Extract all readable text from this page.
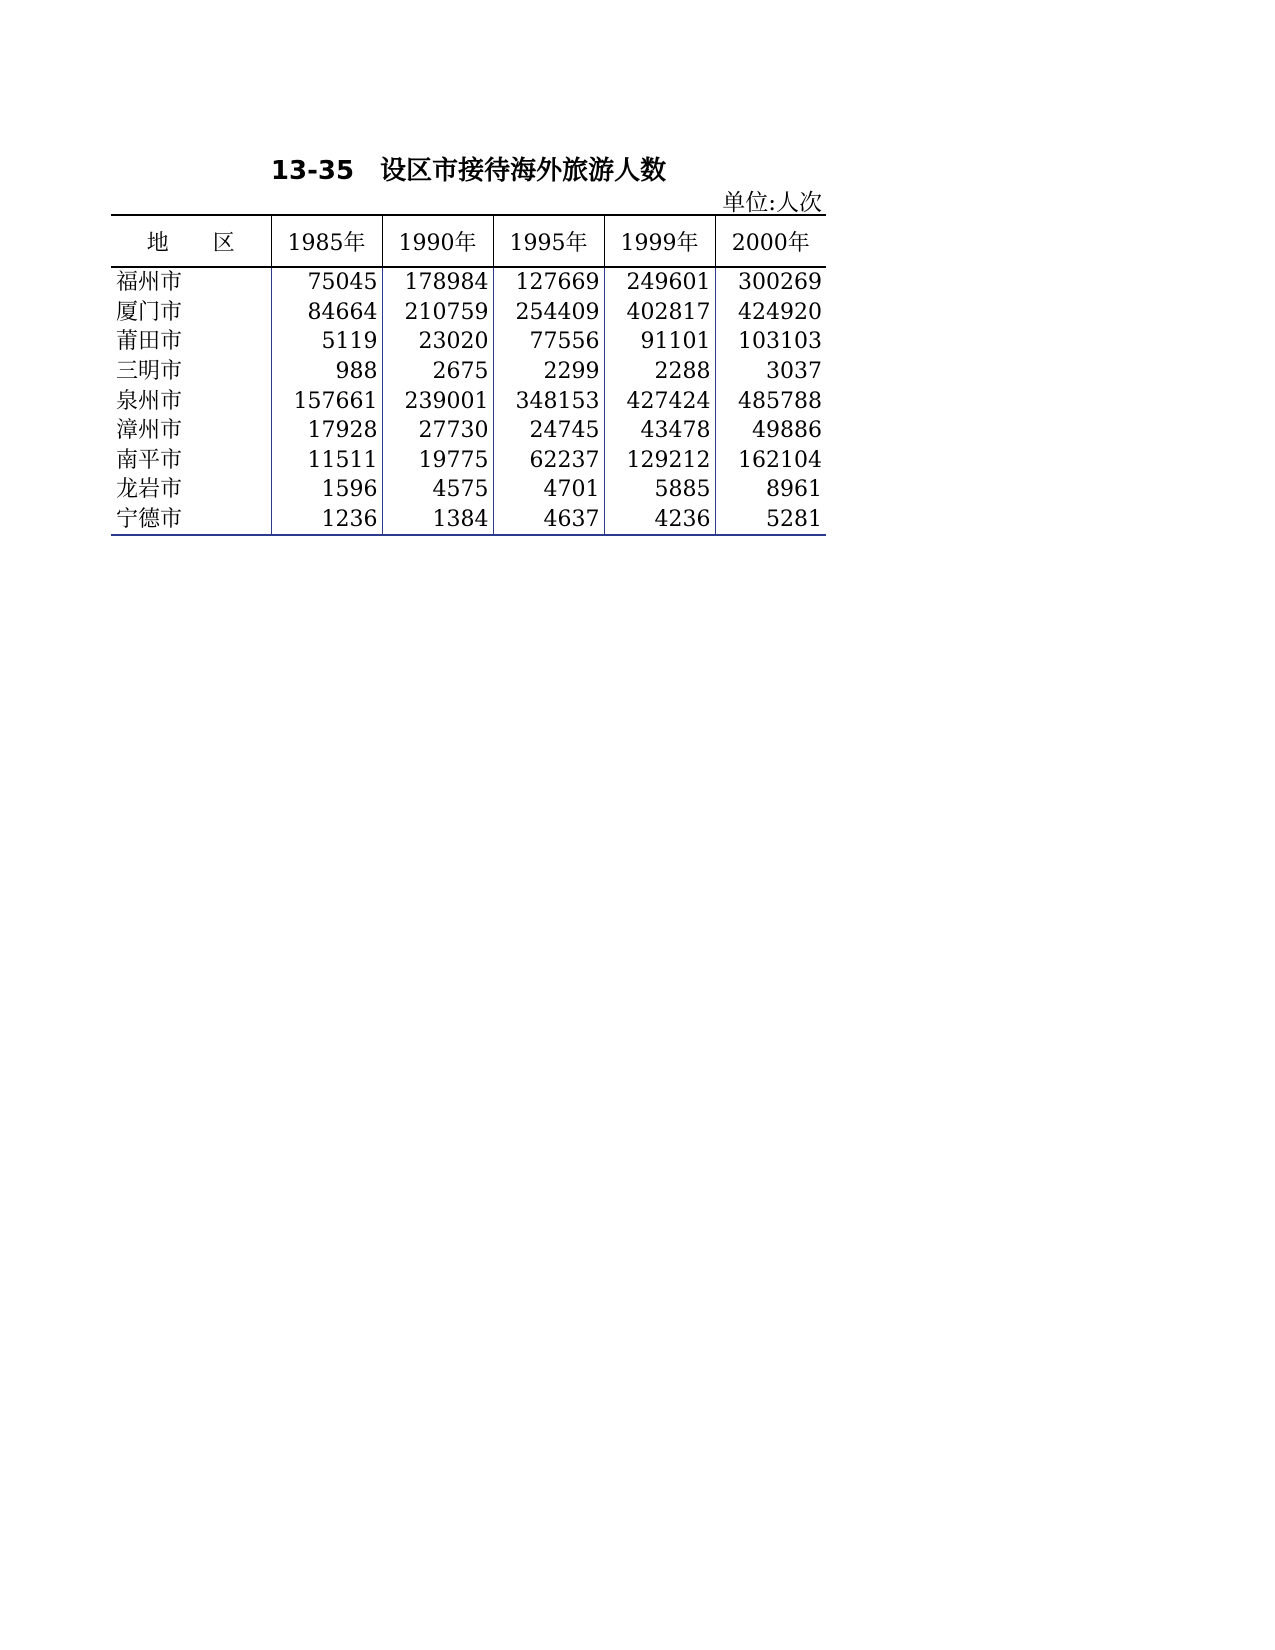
13-35　设区市接待海外旅游人数
单位:人次
地　　区	1985年	1990年	1995年	1999年	2000年
福州市	75045	178984	127669	249601	300269
厦门市	84664	210759	254409	402817	424920
莆田市	5119	23020	77556	91101	103103
三明市	988	2675	2299	2288	3037
泉州市	157661	239001	348153	427424	485788
漳州市	17928	27730	24745	43478	49886
南平市	11511	19775	62237	129212	162104
龙岩市	1596	4575	4701	5885	8961
宁德市	1236	1384	4637	4236	5281
